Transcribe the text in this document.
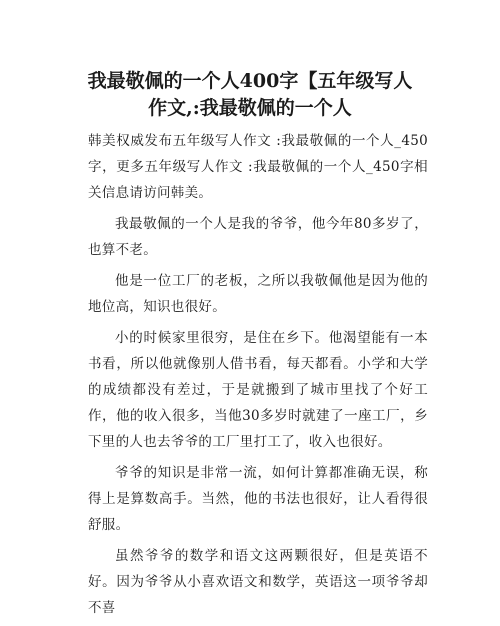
我最敬佩的一个人400字【五年级写人
作文,:我最敬佩的一个人

韩美权威发布五年级写人作文 :我最敬佩的一个人_450字，更多五年级写人作文 :我最敬佩的一个人_450字相关信息请访问韩美。

我最敬佩的一个人是我的爷爷，他今年80多岁了，也算不老。

他是一位工厂的老板，之所以我敬佩他是因为他的地位高，知识也很好。

小的时候家里很穷，是住在乡下。他渴望能有一本书看，所以他就像别人借书看，每天都看。小学和大学的成绩都没有差过，于是就搬到了城市里找了个好工作，他的收入很多，当他30多岁时就建了一座工厂，乡下里的人也去爷爷的工厂里打工了，收入也很好。

爷爷的知识是非常一流，如何计算都准确无误，称得上是算数高手。当然，他的书法也很好，让人看得很舒服。

虽然爷爷的数学和语文这两颗很好，但是英语不好。因为爷爷从小喜欢语文和数学，英语这一项爷爷却不喜
